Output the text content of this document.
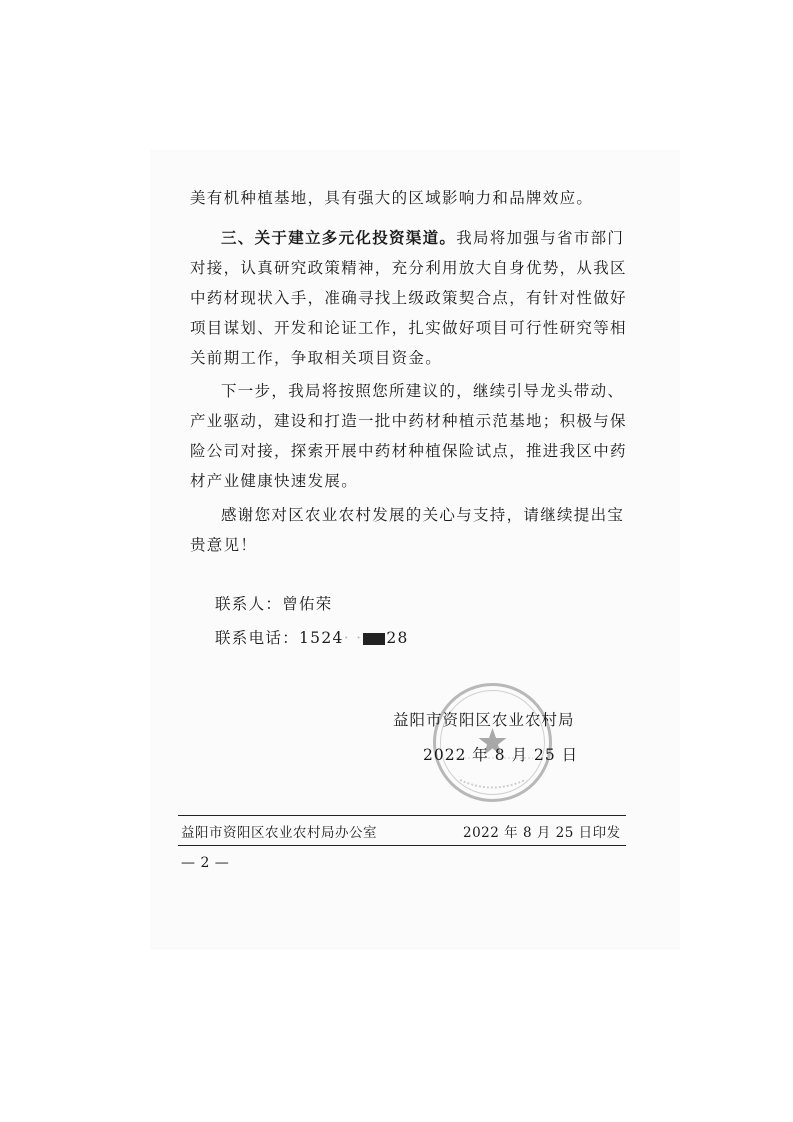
美有机种植基地，具有强大的区域影响力和品牌效应。

三、关于建立多元化投资渠道。我局将加强与省市部门对接，认真研究政策精神，充分利用放大自身优势，从我区中药材现状入手，准确寻找上级政策契合点，有针对性做好项目谋划、开发和论证工作，扎实做好项目可行性研究等相关前期工作，争取相关项目资金。

下一步，我局将按照您所建议的，继续引导龙头带动、产业驱动，建设和打造一批中药材种植示范基地；积极与保险公司对接，探索开展中药材种植保险试点，推进我区中药材产业健康快速发展。

感谢您对区农业农村发展的关心与支持，请继续提出宝贵意见！

联系人：曾佑荣
联系电话：1524· · 28
益阳市资阳区农业农村局
2022 年 8 月 25 日
益阳市资阳区农业农村局办公室	2022 年 8 月 25 日印发
— 2 —
